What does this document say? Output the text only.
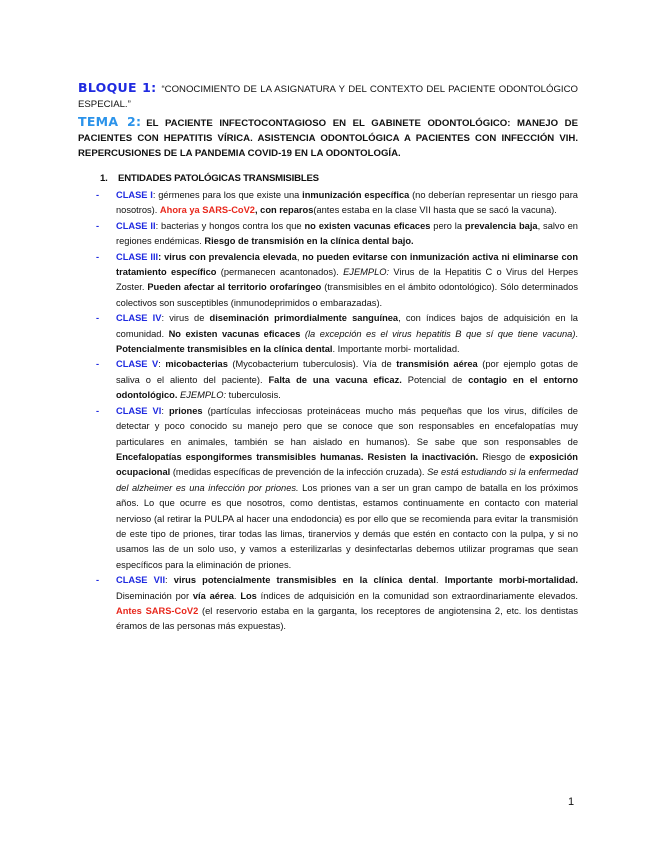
BLOQUE 1: “CONOCIMIENTO DE LA ASIGNATURA Y DEL CONTEXTO DEL PACIENTE ODONTOLÓGICO ESPECIAL.”

TEMA 2: EL PACIENTE INFECTOCONTAGIOSO EN EL GABINETE ODONTOLÓGICO: MANEJO DE PACIENTES CON HEPATITIS VÍRICA. ASISTENCIA ODONTOLÓGICA A PACIENTES CON INFECCIÓN VIH. REPERCUSIONES DE LA PANDEMIA COVID-19 EN LA ODONTOLOGÍA.

1. ENTIDADES PATOLÓGICAS TRANSMISIBLES
- CLASE I: gérmenes para los que existe una inmunización específica (no deberían representar un riesgo para nosotros). Ahora ya SARS-CoV2, con reparos(antes estaba en la clase VII hasta que se sacó la vacuna).
- CLASE II: bacterias y hongos contra los que no existen vacunas eficaces pero la prevalencia baja, salvo en regiones endémicas. Riesgo de transmisión en la clínica dental bajo.
- CLASE III: virus con prevalencia elevada, no pueden evitarse con inmunización activa ni eliminarse con tratamiento específico (permanecen acantonados). EJEMPLO: Virus de la Hepatitis C o Virus del Herpes Zoster. Pueden afectar al territorio orofaríngeo (transmisibles en el ámbito odontológico). Sólo determinados colectivos son susceptibles (inmunodeprimidos o embarazadas).
- CLASE IV: virus de diseminación primordialmente sanguínea, con índices bajos de adquisición en la comunidad. No existen vacunas eficaces (la excepción es el virus hepatitis B que sí que tiene vacuna). Potencialmente transmisibles en la clínica dental. Importante morbi- mortalidad.
- CLASE V: micobacterias (Mycobacterium tuberculosis). Vía de transmisión aérea (por ejemplo gotas de saliva o el aliento del paciente). Falta de una vacuna eficaz. Potencial de contagio en el entorno odontológico. EJEMPLO: tuberculosis.
- CLASE VI: priones (partículas infecciosas proteináceas mucho más pequeñas que los virus, difíciles de detectar y poco conocido su manejo pero que se conoce que son responsables en encefalopatías muy particulares en animales, también se han aislado en humanos). Se sabe que son responsables de Encefalopatías espongiformes transmisibles humanas. Resisten la inactivación. Riesgo de exposición ocupacional (medidas específicas de prevención de la infección cruzada). Se está estudiando si la enfermedad del alzheimer es una infección por priones. Los priones van a ser un gran campo de batalla en los próximos años. Lo que ocurre es que nosotros, como dentistas, estamos continuamente en contacto con material nervioso (al retirar la PULPA al hacer una endodoncia) es por ello que se recomienda para evitar la transmisión de este tipo de priones, tirar todas las limas, tiranervios y demás que estén en contacto con la pulpa, y si no usamos las de un solo uso, y vamos a esterilizarlas y desinfectarlas debemos utilizar programas que sean específicos para la eliminación de priones.
- CLASE VII: virus potencialmente transmisibles en la clínica dental. Importante morbi-mortalidad. Diseminación por vía aérea. Los índices de adquisición en la comunidad son extraordinariamente elevados. Antes SARS-CoV2 (el reservorio estaba en la garganta, los receptores de angiotensina 2, etc. los dentistas éramos de las personas más expuestas).
1
